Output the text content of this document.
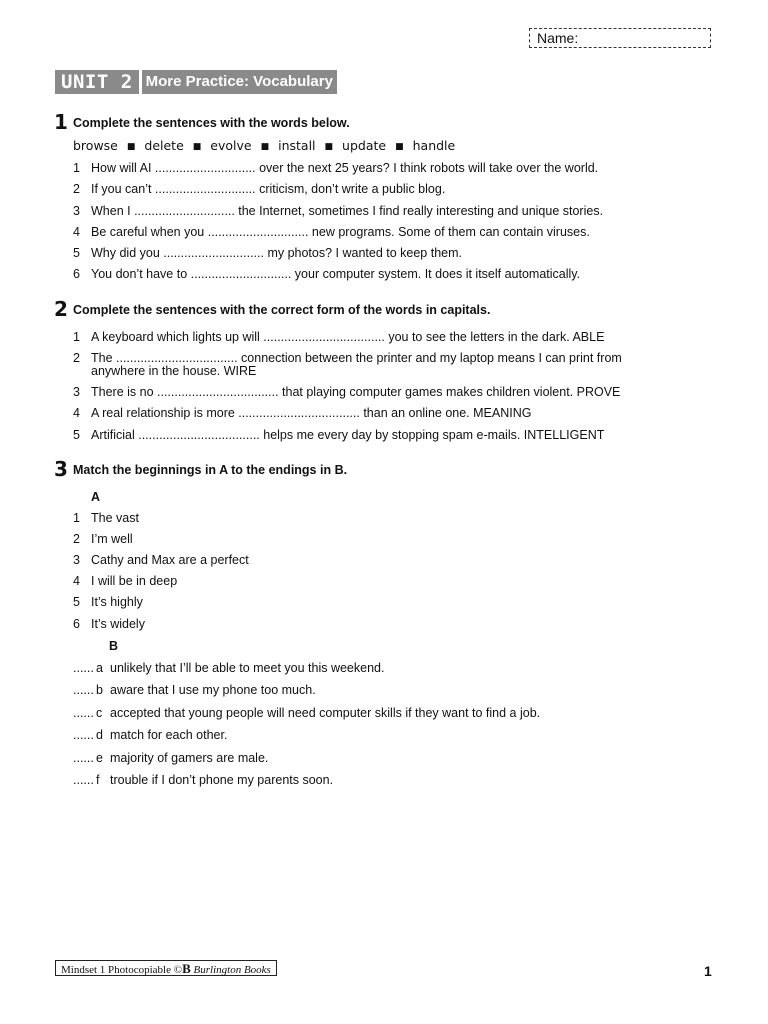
Name:
UNIT 2 More Practice: Vocabulary
1 Complete the sentences with the words below.
browse ■ delete ■ evolve ■ install ■ update ■ handle
1 How will AI ............................. over the next 25 years? I think robots will take over the world.
2 If you can’t ............................. criticism, don’t write a public blog.
3 When I ............................. the Internet, sometimes I find really interesting and unique stories.
4 Be careful when you ............................. new programs. Some of them can contain viruses.
5 Why did you ............................. my photos? I wanted to keep them.
6 You don’t have to ............................. your computer system. It does it itself automatically.
2 Complete the sentences with the correct form of the words in capitals.
1 A keyboard which lights up will ................................... you to see the letters in the dark. ABLE
2 The ................................... connection between the printer and my laptop means I can print from anywhere in the house. WIRE
3 There is no ................................... that playing computer games makes children violent. PROVE
4 A real relationship is more ................................... than an online one. MEANING
5 Artificial ................................... helps me every day by stopping spam e-mails. INTELLIGENT
3 Match the beginnings in A to the endings in B.
A
1 The vast
2 I’m well
3 Cathy and Max are a perfect
4 I will be in deep
5 It’s highly
6 It’s widely
B
...... a unlikely that I’ll be able to meet you this weekend.
...... b aware that I use my phone too much.
...... c accepted that young people will need computer skills if they want to find a job.
...... d match for each other.
...... e majority of gamers are male.
...... f trouble if I don’t phone my parents soon.
Mindset 1 Photocopiable ©B Burlington Books	1
